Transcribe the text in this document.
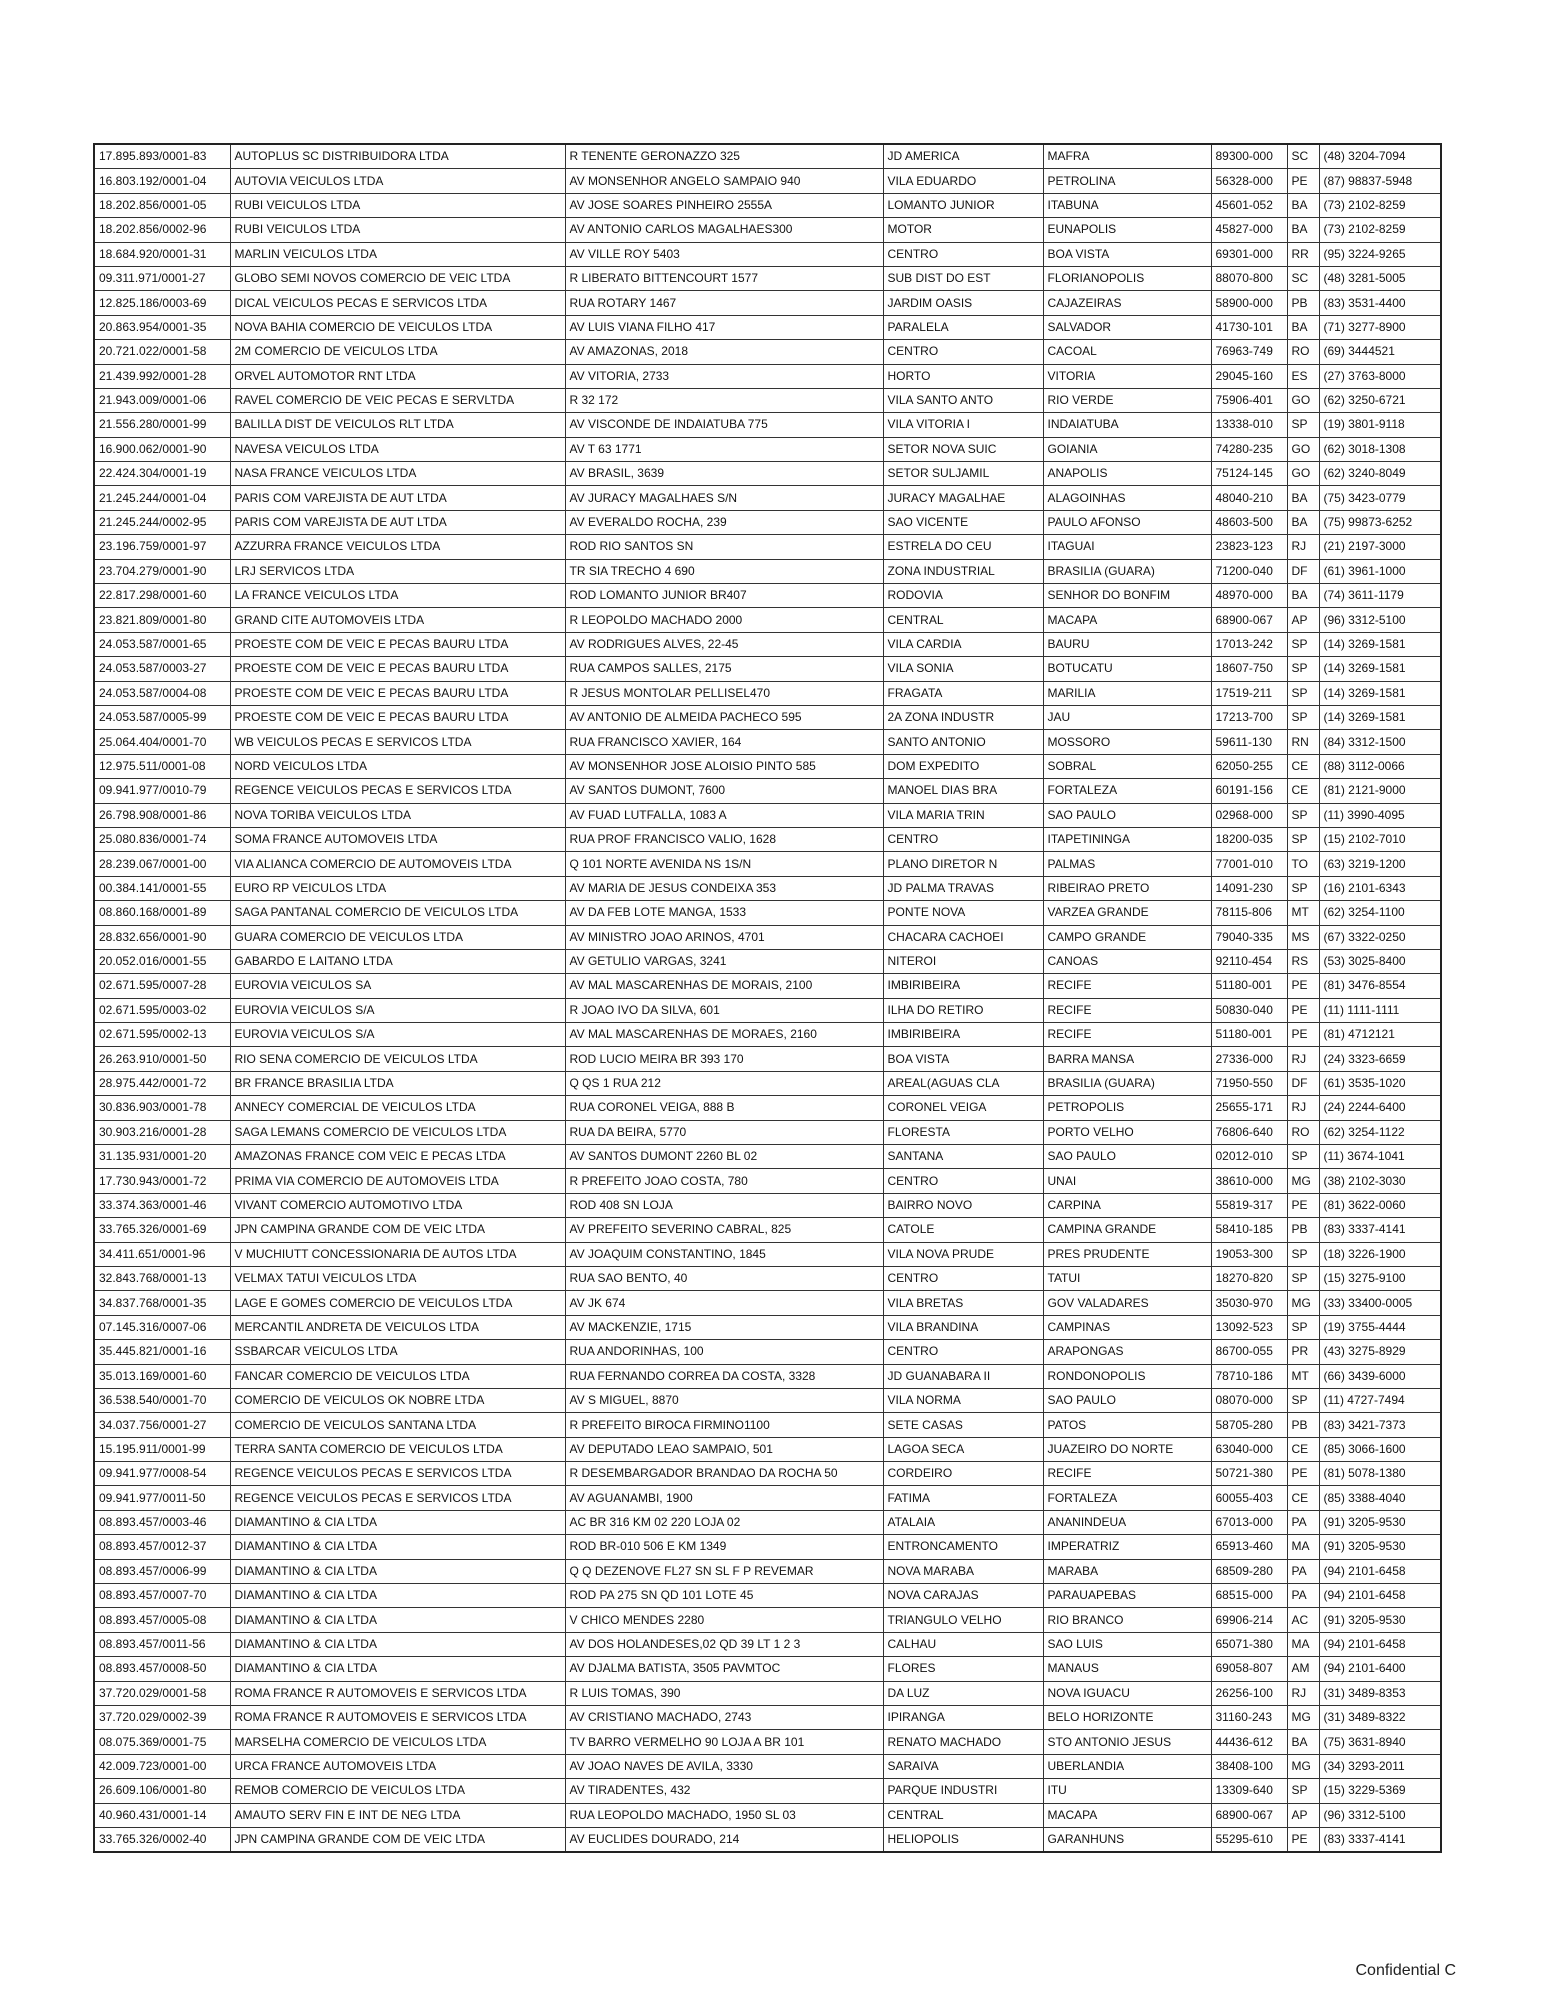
17.895.893/0001-83	AUTOPLUS SC DISTRIBUIDORA LTDA	R TENENTE GERONAZZO 325	JD AMERICA	MAFRA	89300-000	SC	(48) 3204-7094
16.803.192/0001-04	AUTOVIA VEICULOS LTDA	AV MONSENHOR ANGELO SAMPAIO 940	VILA EDUARDO	PETROLINA	56328-000	PE	(87) 98837-5948
18.202.856/0001-05	RUBI VEICULOS LTDA	AV JOSE SOARES PINHEIRO 2555A	LOMANTO JUNIOR	ITABUNA	45601-052	BA	(73) 2102-8259
18.202.856/0002-96	RUBI VEICULOS LTDA	AV ANTONIO CARLOS MAGALHAES300	MOTOR	EUNAPOLIS	45827-000	BA	(73) 2102-8259
18.684.920/0001-31	MARLIN VEICULOS LTDA	AV VILLE ROY 5403	CENTRO	BOA VISTA	69301-000	RR	(95) 3224-9265
09.311.971/0001-27	GLOBO SEMI NOVOS COMERCIO DE VEIC LTDA	R LIBERATO BITTENCOURT 1577	SUB DIST DO EST	FLORIANOPOLIS	88070-800	SC	(48) 3281-5005
12.825.186/0003-69	DICAL VEICULOS PECAS E SERVICOS LTDA	RUA ROTARY 1467	JARDIM OASIS	CAJAZEIRAS	58900-000	PB	(83) 3531-4400
20.863.954/0001-35	NOVA BAHIA COMERCIO DE VEICULOS LTDA	AV LUIS VIANA FILHO 417	PARALELA	SALVADOR	41730-101	BA	(71) 3277-8900
20.721.022/0001-58	2M COMERCIO DE VEICULOS LTDA	AV AMAZONAS, 2018	CENTRO	CACOAL	76963-749	RO	(69) 3444521
21.439.992/0001-28	ORVEL AUTOMOTOR RNT LTDA	AV VITORIA, 2733	HORTO	VITORIA	29045-160	ES	(27) 3763-8000
21.943.009/0001-06	RAVEL COMERCIO DE VEIC PECAS E SERVLTDA	R 32 172	VILA SANTO ANTO	RIO VERDE	75906-401	GO	(62) 3250-6721
21.556.280/0001-99	BALILLA DIST DE VEICULOS RLT LTDA	AV VISCONDE DE INDAIATUBA 775	VILA VITORIA I	INDAIATUBA	13338-010	SP	(19) 3801-9118
16.900.062/0001-90	NAVESA VEICULOS LTDA	AV T 63 1771	SETOR NOVA SUIC	GOIANIA	74280-235	GO	(62) 3018-1308
22.424.304/0001-19	NASA FRANCE VEICULOS LTDA	AV BRASIL, 3639	SETOR SULJAMIL	ANAPOLIS	75124-145	GO	(62) 3240-8049
21.245.244/0001-04	PARIS COM VAREJISTA DE AUT LTDA	AV JURACY MAGALHAES S/N	JURACY MAGALHAE	ALAGOINHAS	48040-210	BA	(75) 3423-0779
21.245.244/0002-95	PARIS COM VAREJISTA DE AUT LTDA	AV EVERALDO ROCHA, 239	SAO VICENTE	PAULO AFONSO	48603-500	BA	(75) 99873-6252
23.196.759/0001-97	AZZURRA FRANCE VEICULOS LTDA	ROD RIO SANTOS SN	ESTRELA DO CEU	ITAGUAI	23823-123	RJ	(21) 2197-3000
23.704.279/0001-90	LRJ SERVICOS LTDA	TR SIA TRECHO 4 690	ZONA INDUSTRIAL	BRASILIA (GUARA)	71200-040	DF	(61) 3961-1000
22.817.298/0001-60	LA FRANCE VEICULOS LTDA	ROD LOMANTO JUNIOR BR407	RODOVIA	SENHOR DO BONFIM	48970-000	BA	(74) 3611-1179
23.821.809/0001-80	GRAND CITE AUTOMOVEIS LTDA	R LEOPOLDO MACHADO 2000	CENTRAL	MACAPA	68900-067	AP	(96) 3312-5100
24.053.587/0001-65	PROESTE COM DE VEIC E PECAS BAURU LTDA	AV RODRIGUES ALVES, 22-45	VILA CARDIA	BAURU	17013-242	SP	(14) 3269-1581
24.053.587/0003-27	PROESTE COM DE VEIC E PECAS BAURU LTDA	RUA CAMPOS SALLES, 2175	VILA SONIA	BOTUCATU	18607-750	SP	(14) 3269-1581
24.053.587/0004-08	PROESTE COM DE VEIC E PECAS BAURU LTDA	R JESUS MONTOLAR PELLISEL470	FRAGATA	MARILIA	17519-211	SP	(14) 3269-1581
24.053.587/0005-99	PROESTE COM DE VEIC E PECAS BAURU LTDA	AV ANTONIO DE ALMEIDA PACHECO 595	2A ZONA INDUSTR	JAU	17213-700	SP	(14) 3269-1581
25.064.404/0001-70	WB VEICULOS PECAS E SERVICOS LTDA	RUA FRANCISCO XAVIER, 164	SANTO ANTONIO	MOSSORO	59611-130	RN	(84) 3312-1500
12.975.511/0001-08	NORD VEICULOS LTDA	AV MONSENHOR JOSE ALOISIO PINTO 585	DOM EXPEDITO	SOBRAL	62050-255	CE	(88) 3112-0066
09.941.977/0010-79	REGENCE VEICULOS PECAS E SERVICOS LTDA	AV SANTOS DUMONT, 7600	MANOEL DIAS BRA	FORTALEZA	60191-156	CE	(81) 2121-9000
26.798.908/0001-86	NOVA TORIBA VEICULOS LTDA	AV FUAD LUTFALLA, 1083 A	VILA MARIA TRIN	SAO PAULO	02968-000	SP	(11) 3990-4095
25.080.836/0001-74	SOMA FRANCE AUTOMOVEIS LTDA	RUA PROF FRANCISCO VALIO, 1628	CENTRO	ITAPETININGA	18200-035	SP	(15) 2102-7010
28.239.067/0001-00	VIA ALIANCA COMERCIO DE AUTOMOVEIS LTDA	Q 101 NORTE AVENIDA NS 1S/N	PLANO DIRETOR N	PALMAS	77001-010	TO	(63) 3219-1200
00.384.141/0001-55	EURO RP VEICULOS LTDA	AV MARIA DE JESUS CONDEIXA 353	JD PALMA TRAVAS	RIBEIRAO PRETO	14091-230	SP	(16) 2101-6343
08.860.168/0001-89	SAGA PANTANAL COMERCIO DE VEICULOS LTDA	AV DA FEB LOTE MANGA, 1533	PONTE NOVA	VARZEA GRANDE	78115-806	MT	(62) 3254-1100
28.832.656/0001-90	GUARA COMERCIO DE VEICULOS LTDA	AV MINISTRO JOAO ARINOS, 4701	CHACARA CACHOEI	CAMPO GRANDE	79040-335	MS	(67) 3322-0250
20.052.016/0001-55	GABARDO E LAITANO LTDA	AV GETULIO VARGAS, 3241	NITEROI	CANOAS	92110-454	RS	(53) 3025-8400
02.671.595/0007-28	EUROVIA VEICULOS SA	AV MAL MASCARENHAS DE MORAIS, 2100	IMBIRIBEIRA	RECIFE	51180-001	PE	(81) 3476-8554
02.671.595/0003-02	EUROVIA VEICULOS S/A	R JOAO IVO DA SILVA, 601	ILHA DO RETIRO	RECIFE	50830-040	PE	(11) 1111-1111
02.671.595/0002-13	EUROVIA VEICULOS S/A	AV MAL MASCARENHAS DE MORAES, 2160	IMBIRIBEIRA	RECIFE	51180-001	PE	(81) 4712121
26.263.910/0001-50	RIO SENA COMERCIO DE VEICULOS LTDA	ROD LUCIO MEIRA BR 393 170	BOA VISTA	BARRA MANSA	27336-000	RJ	(24) 3323-6659
28.975.442/0001-72	BR FRANCE BRASILIA LTDA	Q QS 1 RUA 212	AREAL(AGUAS CLA	BRASILIA (GUARA)	71950-550	DF	(61) 3535-1020
30.836.903/0001-78	ANNECY COMERCIAL DE VEICULOS LTDA	RUA CORONEL VEIGA, 888 B	CORONEL VEIGA	PETROPOLIS	25655-171	RJ	(24) 2244-6400
30.903.216/0001-28	SAGA LEMANS COMERCIO DE VEICULOS LTDA	RUA DA BEIRA, 5770	FLORESTA	PORTO VELHO	76806-640	RO	(62) 3254-1122
31.135.931/0001-20	AMAZONAS FRANCE COM VEIC E PECAS LTDA	AV SANTOS DUMONT 2260 BL 02	SANTANA	SAO PAULO	02012-010	SP	(11) 3674-1041
17.730.943/0001-72	PRIMA VIA COMERCIO DE AUTOMOVEIS LTDA	R PREFEITO JOAO COSTA, 780	CENTRO	UNAI	38610-000	MG	(38) 2102-3030
33.374.363/0001-46	VIVANT COMERCIO AUTOMOTIVO LTDA	ROD 408 SN LOJA	BAIRRO NOVO	CARPINA	55819-317	PE	(81) 3622-0060
33.765.326/0001-69	JPN CAMPINA GRANDE COM DE VEIC LTDA	AV PREFEITO SEVERINO CABRAL, 825	CATOLE	CAMPINA GRANDE	58410-185	PB	(83) 3337-4141
34.411.651/0001-96	V MUCHIUTT CONCESSIONARIA DE AUTOS LTDA	AV JOAQUIM CONSTANTINO, 1845	VILA NOVA PRUDE	PRES PRUDENTE	19053-300	SP	(18) 3226-1900
32.843.768/0001-13	VELMAX TATUI VEICULOS LTDA	RUA SAO BENTO, 40	CENTRO	TATUI	18270-820	SP	(15) 3275-9100
34.837.768/0001-35	LAGE E GOMES COMERCIO DE VEICULOS LTDA	AV JK 674	VILA BRETAS	GOV VALADARES	35030-970	MG	(33) 33400-0005
07.145.316/0007-06	MERCANTIL ANDRETA DE VEICULOS LTDA	AV MACKENZIE, 1715	VILA BRANDINA	CAMPINAS	13092-523	SP	(19) 3755-4444
35.445.821/0001-16	SSBARCAR VEICULOS LTDA	RUA ANDORINHAS, 100	CENTRO	ARAPONGAS	86700-055	PR	(43) 3275-8929
35.013.169/0001-60	FANCAR COMERCIO DE VEICULOS LTDA	RUA FERNANDO CORREA DA COSTA, 3328	JD GUANABARA II	RONDONOPOLIS	78710-186	MT	(66) 3439-6000
36.538.540/0001-70	COMERCIO DE VEICULOS OK NOBRE LTDA	AV S MIGUEL, 8870	VILA NORMA	SAO PAULO	08070-000	SP	(11) 4727-7494
34.037.756/0001-27	COMERCIO DE VEICULOS SANTANA LTDA	R PREFEITO BIROCA FIRMINO1100	SETE CASAS	PATOS	58705-280	PB	(83) 3421-7373
15.195.911/0001-99	TERRA SANTA COMERCIO DE VEICULOS LTDA	AV DEPUTADO LEAO SAMPAIO, 501	LAGOA SECA	JUAZEIRO DO NORTE	63040-000	CE	(85) 3066-1600
09.941.977/0008-54	REGENCE VEICULOS PECAS E SERVICOS LTDA	R DESEMBARGADOR BRANDAO DA ROCHA 50	CORDEIRO	RECIFE	50721-380	PE	(81) 5078-1380
09.941.977/0011-50	REGENCE VEICULOS PECAS E SERVICOS LTDA	AV AGUANAMBI, 1900	FATIMA	FORTALEZA	60055-403	CE	(85) 3388-4040
08.893.457/0003-46	DIAMANTINO & CIA LTDA	AC BR 316 KM 02 220 LOJA 02	ATALAIA	ANANINDEUA	67013-000	PA	(91) 3205-9530
08.893.457/0012-37	DIAMANTINO & CIA LTDA	ROD BR-010 506 E KM 1349	ENTRONCAMENTO	IMPERATRIZ	65913-460	MA	(91) 3205-9530
08.893.457/0006-99	DIAMANTINO & CIA LTDA	Q Q DEZENOVE FL27 SN SL F P REVEMAR	NOVA MARABA	MARABA	68509-280	PA	(94) 2101-6458
08.893.457/0007-70	DIAMANTINO & CIA LTDA	ROD PA 275 SN QD 101 LOTE 45	NOVA CARAJAS	PARAUAPEBAS	68515-000	PA	(94) 2101-6458
08.893.457/0005-08	DIAMANTINO & CIA LTDA	V CHICO MENDES 2280	TRIANGULO VELHO	RIO BRANCO	69906-214	AC	(91) 3205-9530
08.893.457/0011-56	DIAMANTINO & CIA LTDA	AV DOS HOLANDESES,02 QD 39 LT 1 2 3	CALHAU	SAO LUIS	65071-380	MA	(94) 2101-6458
08.893.457/0008-50	DIAMANTINO & CIA LTDA	AV DJALMA BATISTA, 3505 PAVMTOC	FLORES	MANAUS	69058-807	AM	(94) 2101-6400
37.720.029/0001-58	ROMA FRANCE R AUTOMOVEIS E SERVICOS LTDA	R LUIS TOMAS, 390	DA LUZ	NOVA IGUACU	26256-100	RJ	(31) 3489-8353
37.720.029/0002-39	ROMA FRANCE R AUTOMOVEIS E SERVICOS LTDA	AV CRISTIANO MACHADO, 2743	IPIRANGA	BELO HORIZONTE	31160-243	MG	(31) 3489-8322
08.075.369/0001-75	MARSELHA COMERCIO DE VEICULOS LTDA	TV BARRO VERMELHO 90 LOJA A BR 101	RENATO MACHADO	STO ANTONIO JESUS	44436-612	BA	(75) 3631-8940
42.009.723/0001-00	URCA FRANCE AUTOMOVEIS LTDA	AV JOAO NAVES DE AVILA, 3330	SARAIVA	UBERLANDIA	38408-100	MG	(34) 3293-2011
26.609.106/0001-80	REMOB COMERCIO DE VEICULOS LTDA	AV TIRADENTES, 432	PARQUE INDUSTRI	ITU	13309-640	SP	(15) 3229-5369
40.960.431/0001-14	AMAUTO SERV FIN E INT DE NEG LTDA	RUA LEOPOLDO MACHADO, 1950 SL 03	CENTRAL	MACAPA	68900-067	AP	(96) 3312-5100
33.765.326/0002-40	JPN CAMPINA GRANDE COM DE VEIC LTDA	AV EUCLIDES DOURADO, 214	HELIOPOLIS	GARANHUNS	55295-610	PE	(83) 3337-4141
Confidential C
